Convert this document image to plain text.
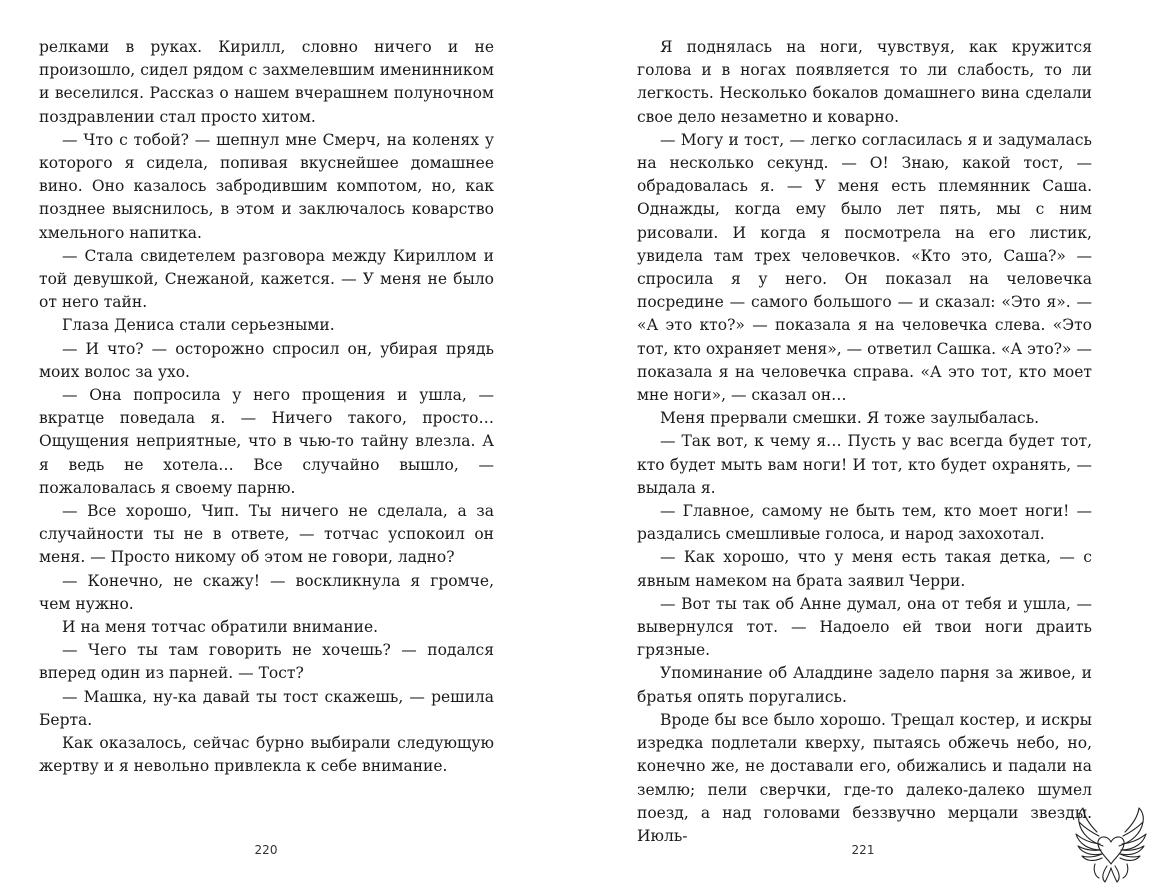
релками в руках. Кирилл, словно ничего и не произошло, сидел рядом с захмелевшим именинником и веселился. Рассказ о нашем вчерашнем полуночном поздравлении стал просто хитом.

— Что с тобой? — шепнул мне Смерч, на коленях у которого я сидела, попивая вкуснейшее домашнее вино. Оно казалось забродившим компотом, но, как позднее выяснилось, в этом и заключалось коварство хмельного напитка.

— Стала свидетелем разговора между Кириллом и той девушкой, Снежаной, кажется. — У меня не было от него тайн.

Глаза Дениса стали серьезными.

— И что? — осторожно спросил он, убирая прядь моих волос за ухо.

— Она попросила у него прощения и ушла, — вкратце поведала я. — Ничего такого, просто… Ощущения неприятные, что в чью-то тайну влезла. А я ведь не хотела… Все случайно вышло, — пожаловалась я своему парню.

— Все хорошо, Чип. Ты ничего не сделала, а за случайности ты не в ответе, — тотчас успокоил он меня. — Просто никому об этом не говори, ладно?

— Конечно, не скажу! — воскликнула я громче, чем нужно.

И на меня тотчас обратили внимание.

— Чего ты там говорить не хочешь? — подался вперед один из парней. — Тост?

— Машка, ну-ка давай ты тост скажешь, — решила Берта.

Как оказалось, сейчас бурно выбирали следующую жертву и я невольно привлекла к себе внимание.

220

Я поднялась на ноги, чувствуя, как кружится голова и в ногах появляется то ли слабость, то ли легкость. Несколько бокалов домашнего вина сделали свое дело незаметно и коварно.

— Могу и тост, — легко согласилась я и задумалась на несколько секунд. — О! Знаю, какой тост, — обрадовалась я. — У меня есть племянник Саша. Однажды, когда ему было лет пять, мы с ним рисовали. И когда я посмотрела на его листик, увидела там трех человечков. «Кто это, Саша?» — спросила я у него. Он показал на человечка посредине — самого большого — и сказал: «Это я». — «А это кто?» — показала я на человечка слева. «Это тот, кто охраняет меня», — ответил Сашка. «А это?» — показала я на человечка справа. «А это тот, кто моет мне ноги», — сказал он…

Меня прервали смешки. Я тоже заулыбалась.

— Так вот, к чему я… Пусть у вас всегда будет тот, кто будет мыть вам ноги! И тот, кто будет охранять, — выдала я.

— Главное, самому не быть тем, кто моет ноги! — раздались смешливые голоса, и народ захохотал.

— Как хорошо, что у меня есть такая детка, — с явным намеком на брата заявил Черри.

— Вот ты так об Анне думал, она от тебя и ушла, — вывернулся тот. — Надоело ей твои ноги драить грязные.

Упоминание об Аладдине задело парня за живое, и братья опять поругались.

Вроде бы все было хорошо. Трещал костер, и искры изредка подлетали кверху, пытаясь обжечь небо, но, конечно же, не доставали его, обижались и падали на землю; пели сверчки, где-то далеко-далеко шумел поезд, а над головами беззвучно мерцали звезды. Июль-

221
